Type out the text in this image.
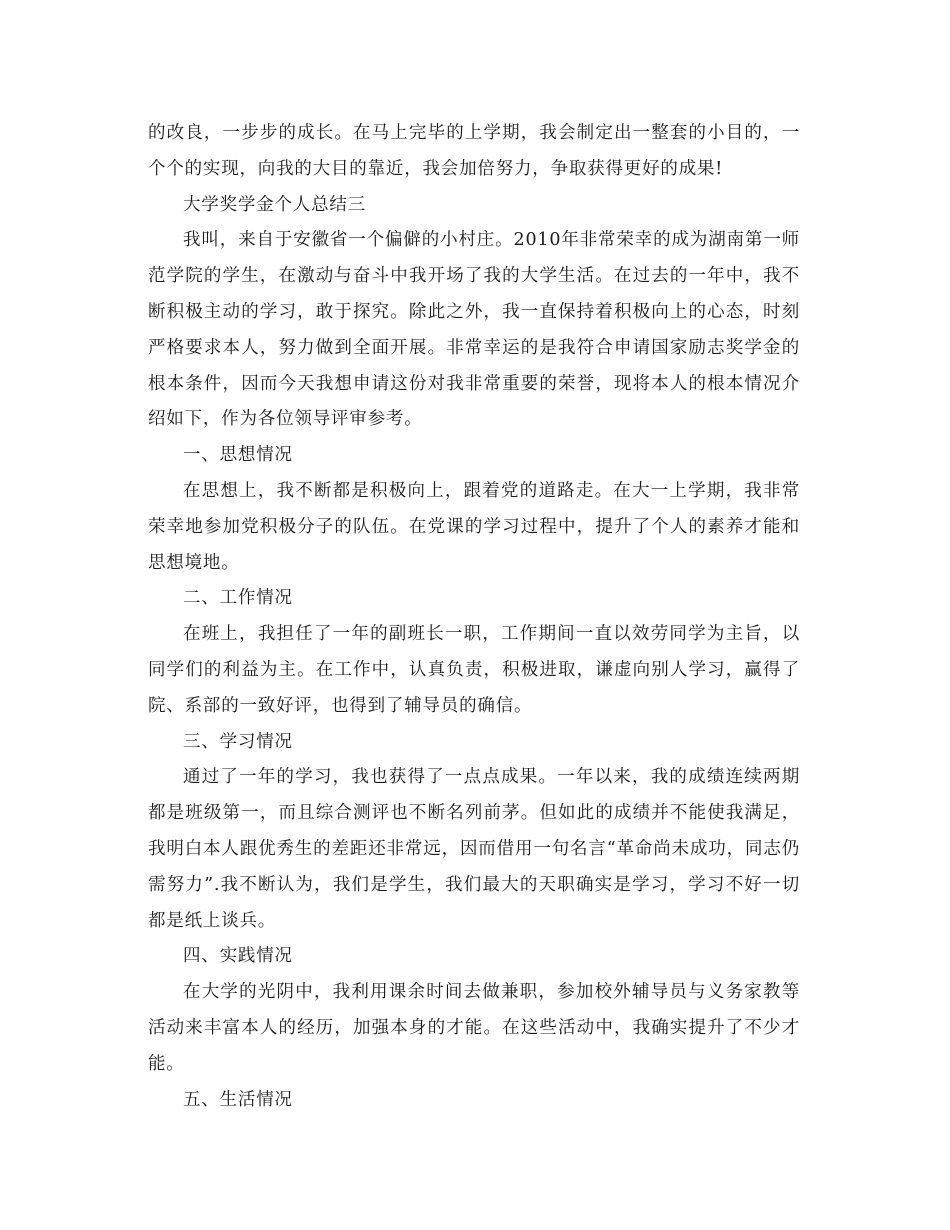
的改良，一步步的成长。在马上完毕的上学期，我会制定出一整套的小目的，一个个的实现，向我的大目的靠近，我会加倍努力，争取获得更好的成果!

大学奖学金个人总结三

我叫，来自于安徽省一个偏僻的小村庄。2010年非常荣幸的成为湖南第一师范学院的学生，在激动与奋斗中我开场了我的大学生活。在过去的一年中，我不断积极主动的学习，敢于探究。除此之外，我一直保持着积极向上的心态，时刻严格要求本人，努力做到全面开展。非常幸运的是我符合申请国家励志奖学金的根本条件，因而今天我想申请这份对我非常重要的荣誉，现将本人的根本情况介绍如下，作为各位领导评审参考。

一、思想情况

在思想上，我不断都是积极向上，跟着党的道路走。在大一上学期，我非常荣幸地参加党积极分子的队伍。在党课的学习过程中，提升了个人的素养才能和思想境地。

二、工作情况

在班上，我担任了一年的副班长一职，工作期间一直以效劳同学为主旨，以同学们的利益为主。在工作中，认真负责，积极进取，谦虚向别人学习，赢得了院、系部的一致好评，也得到了辅导员的确信。

三、学习情况

通过了一年的学习，我也获得了一点点成果。一年以来，我的成绩连续两期都是班级第一，而且综合测评也不断名列前茅。但如此的成绩并不能使我满足，我明白本人跟优秀生的差距还非常远，因而借用一句名言“革命尚未成功，同志仍需努力”.我不断认为，我们是学生，我们最大的天职确实是学习，学习不好一切都是纸上谈兵。

四、实践情况

在大学的光阴中，我利用课余时间去做兼职，参加校外辅导员与义务家教等活动来丰富本人的经历，加强本身的才能。在这些活动中，我确实提升了不少才能。

五、生活情况
